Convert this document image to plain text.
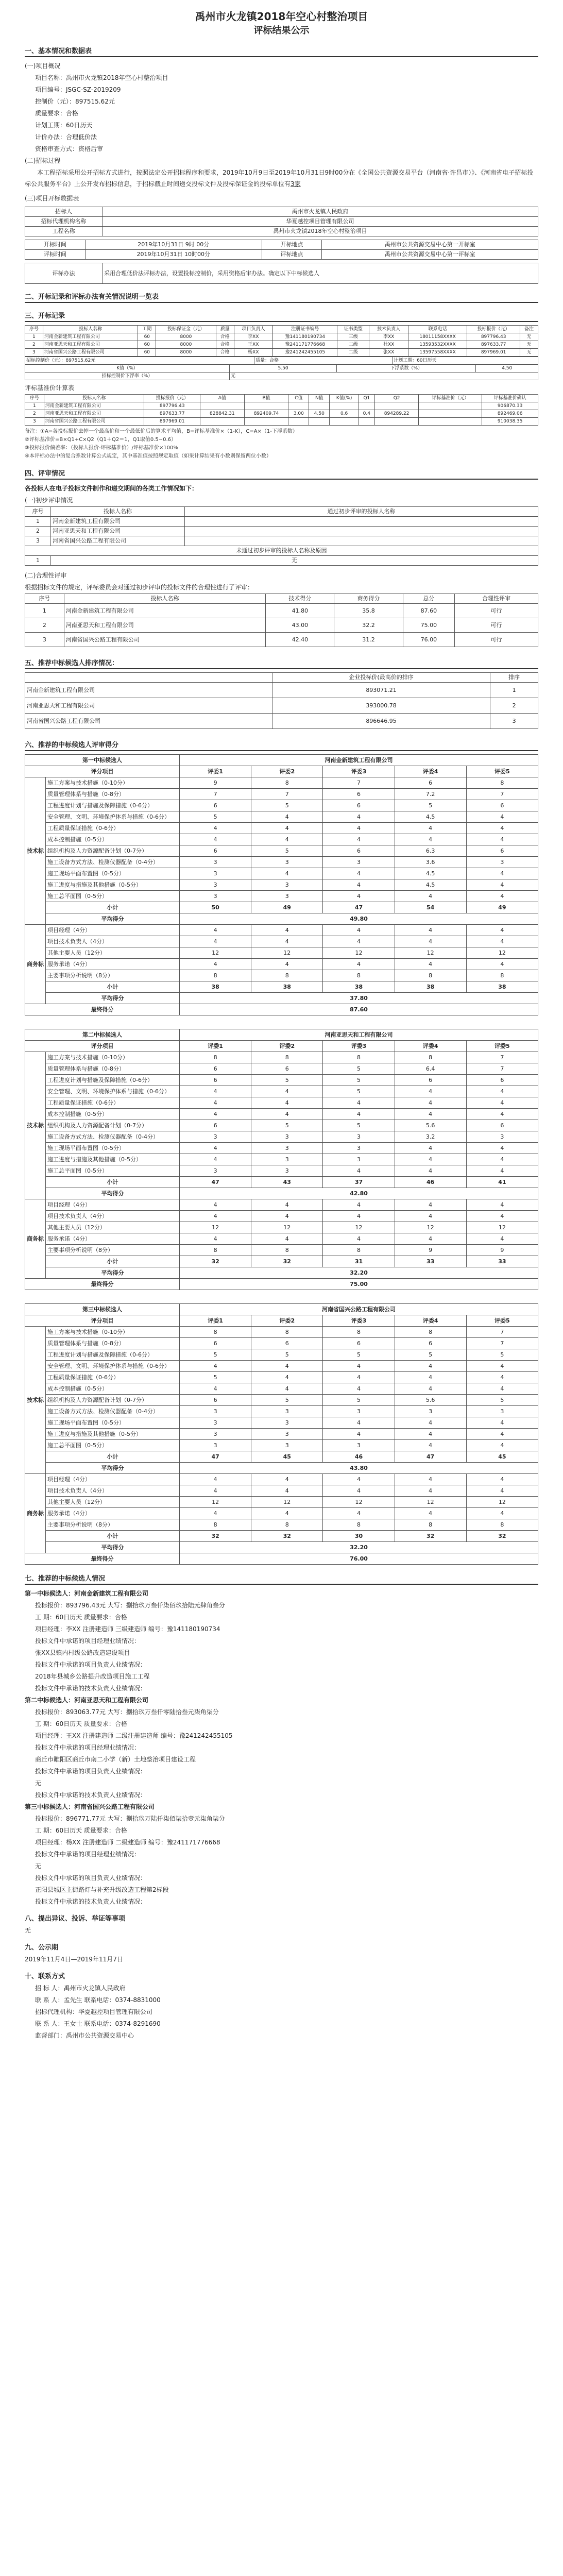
禹州市火龙镇2018年空心村整治项目
评标结果公示
一、基本情况和数据表
(一)项目概况
项目名称：禹州市火龙镇2018年空心村整治项目
项目编号：JSGC-SZ-2019209
控制价（元）：897515.62元
质量要求：合格
计划工期：60日历天
计价办法：合理低价法
资格审查方式：资格后审
(二)招标过程
本工程招标采用公开招标方式进行，按照法定公开招标程序和要求，2019年10月9日至2019年10月31日9时00分在《全国公共资源交易平台（河南省·许昌市）》、《河南省电子招标投标公共服务平台》上公开发布招标信息，于招标截止时间递交投标文件及投标保证金的投标单位有3家
(三)项目开标数据表
招标人	禹州市火龙镇人民政府
招标代理机构名称	华夏越控项目管理有限公司
工程名称	禹州市火龙镇2018年空心村整治项目
开标时间	2019年10月31日 9时 00分	开标地点	禹州市公共资源交易中心第一开标室
评标时间	2019年10月31日 10时00分	评标地点	禹州市公共资源交易中心第一评标室
评标办法	采用合理低价法评标办法，设置投标控制价，采用资格后审办法。确定以下中标候选人
二、开标记录和评标办法有关情况说明一览表
三、开标记录
序号	投标人名称	工期	投标保证金（元）	质量	项目负责人	注册证书编号	证书类型	技术负责人	联系电话	投标报价（元）	备注
1	河南金新建筑工程有限公司	60	8000	合格	李XX	豫141180190734	三级	李XX	18011158XXXX	897796.43	无
2	河南亚思天和工程有限公司	60	8000	合格	王XX	豫241171776668	二级	杜XX	13593532XXXX	897633.77	无
3	河南省国兴公路工程有限公司	60	8000	合格	杨XX	豫241242455105	二级	张XX	13597558XXXX	897969.01	无
招标控制价（元）：897515.62元		质量：合格		计划工期：60日历天	
K值（%）	5.50		下浮系数（%）		4.50
招标控制价下浮率（%）	无				
评标基准价计算表
序号	投标人名称	投标报价（元）	A值	B值	C值	N值	K值(%)	Q1	Q2	评标基准价（元）	评标基准价确认
1	河南金新建筑工程有限公司	897796.43									906870.33
2	河南亚思天和工程有限公司	897633.77	828842.31	892409.74	3.00	4.50	0.6	0.4	894289.22		892469.06
3	河南省国兴公路工程有限公司	897969.01									910038.35
备注：①A=各投标报价去掉一个最高价和一个最低价后的算术平均值，B=评标基准价×（1-K），C=A×（1-下浮系数）
②评标基准价=B×Q1+C×Q2（Q1＋Q2＝1，Q1取值0.5~0.6）
③投标报价偏差率：（投标人报价-评标基准价）/评标基准价×100%
④本评标办法中的复合系数计算公式规定，其中基准值按照规定取值（如果计算结果有小数则保留两位小数）
四、评审情况
各投标人在电子投标文件制作和递交期间的各类工作情况如下：
(一)初步评审情况
序号	投标人名称	通过初步评审的投标人名称
1	河南金新建筑工程有限公司	
2	河南亚思天和工程有限公司	
3	河南省国兴公路工程有限公司	
未通过初步评审的投标人名称及原因		
1	无	
(二)合理性评审
根据招标文件的规定，评标委员会对通过初步评审的投标文件的合理性进行了评审：
序号	投标人名称	技术得分	商务得分	总分	合理性评审
1	河南金新建筑工程有限公司	41.80	35.8	87.60	可行
2	河南亚思天和工程有限公司	43.00	32.2	75.00	可行
3	河南省国兴公路工程有限公司	42.40	31.2	76.00	可行
五、推荐中标候选人排序情况：
	企业投标价(最高价的排序	排序
河南金新建筑工程有限公司	893071.21	1
河南亚思天和工程有限公司	393000.78	2
河南省国兴公路工程有限公司	896646.95	3
六、推荐的中标候选人评审得分
第一中标候选人		河南金新建筑工程有限公司				
评分项目		评委1	评委2	评委3	评委4	评委5
技术标	施工方案与技术措施（0-10分）	9	8	7	6	8
	质量管理体系与措施（0-8分）	7	7	6	7.2	7
	工程进度计划与措施及保障措施（0-6分）	6	5	6	5	6
	安全管理、文明、环境保护体系与措施（0-6分）	5	4	4	4.5	4
	工程质量保证措施（0-6分）	4	4	4	4	4
	成本控制措施（0-5分）	4	4	4	4	4
	组织机构及人力资源配备计划（0-7分）	6	5	6	6.3	6
	施工设备方式方法、检测仪器配备（0-4分）	3	3	3	3.6	3
	施工现场平面布置图（0-5分）	3	4	4	4.5	4
	施工进度与措施及其他措施（0-5分）	3	3	4	4.5	4
	施工总平面图（0-5分）	3	3	4	4	4
	小计	50	49	47	54	49
	平均得分	49.80				
商务标	项目经理（4分）	4	4	4	4	4
	项目技术负责人（4分）	4	4	4	4	4
	其他主要人员（12分）	12	12	12	12	12
	服务承诺（4分）	4	4	4	4	4
	主要事项分析说明（8分）	8	8	8	8	8
	小计	38	38	38	38	38
	平均得分	37.80				
最终得分		87.60				
第二中标候选人		河南亚思天和工程有限公司				
评分项目		评委1	评委2	评委3	评委4	评委5
技术标	施工方案与技术措施（0-10分）	8	8	8	8	7
	质量管理体系与措施（0-8分）	6	6	5	6.4	7
	工程进度计划与措施及保障措施（0-6分）	6	5	5	6	6
	安全管理、文明、环境保护体系与措施（0-6分）	4	4	5	4	4
	工程质量保证措施（0-6分）	4	4	4	4	4
	成本控制措施（0-5分）	4	4	4	4	4
	组织机构及人力资源配备计划（0-7分）	6	5	5	5.6	6
	施工设备方式方法、检测仪器配备（0-4分）	3	3	3	3.2	3
	施工现场平面布置图（0-5分）	4	3	3	4	4
	施工进度与措施及其他措施（0-5分）	4	3	3	4	4
	施工总平面图（0-5分）	3	3	4	4	4
	小计	47	43	37	46	41
	平均得分	42.80				
商务标	项目经理（4分）	4	4	4	4	4
	项目技术负责人（4分）	4	4	4	4	4
	其他主要人员（12分）	12	12	12	12	12
	服务承诺（4分）	4	4	4	4	4
	主要事项分析说明（8分）	8	8	8	9	9
	小计	32	32	31	33	33
	平均得分	32.20				
最终得分		75.00				
第三中标候选人		河南省国兴公路工程有限公司				
评分项目		评委1	评委2	评委3	评委4	评委5
技术标	施工方案与技术措施（0-10分）	8	8	8	8	7
	质量管理体系与措施（0-8分）	6	6	6	6	7
	工程进度计划与措施及保障措施（0-6分）	5	5	5	5	5
	安全管理、文明、环境保护体系与措施（0-6分）	4	4	4	4	4
	工程质量保证措施（0-6分）	5	4	4	4	4
	成本控制措施（0-5分）	4	4	4	4	4
	组织机构及人力资源配备计划（0-7分）	6	5	5	5.6	5
	施工设备方式方法、检测仪器配备（0-4分）	3	3	3	3	3
	施工现场平面布置图（0-5分）	3	3	4	4	4
	施工进度与措施及其他措施（0-5分）	3	3	4	4	4
	施工总平面图（0-5分）	3	3	3	4	4
	小计	47	45	46	47	45
	平均得分	43.80				
商务标	项目经理（4分）	4	4	4	4	4
	项目技术负责人（4分）	4	4	4	4	4
	其他主要人员（12分）	12	12	12	12	12
	服务承诺（4分）	4	4	4	4	4
	主要事项分析说明（8分）	8	8	8	8	8
	小计	32	32	30	32	32
	平均得分	32.20				
最终得分		76.00				
七、推荐的中标候选人情况
第一中标候选人：河南金新建筑工程有限公司
投标报价：893796.43元 大写：捌拾玖万叁仟柒佰玖拾陆元肆角叁分
工 期：60日历天 质量要求：合格
项目经理：李XX 注册建造师 三级建造师 编号：豫141180190734
投标文件中承诺的项目经理业绩情况：
张XX县镇内村级公路改造建设项目
投标文件中承诺的项目负责人业绩情况：
2018年县城乡公路提升改造项目施工工程
投标文件中承诺的技术负责人业绩情况：
第二中标候选人：河南亚思天和工程有限公司
投标报价：893063.77元 大写：捌拾玖万叁仟零陆拾叁元柒角柒分
工 期：60日历天 质量要求：合格
项目经理：王XX 注册建造师 二级注册建造师 编号：豫241242455105
投标文件中承诺的项目经理业绩情况：
商丘市睢阳区商丘市南二小学（新）土地整治项目建设工程
投标文件中承诺的项目负责人业绩情况：
无
投标文件中承诺的技术负责人业绩情况：
第三中标候选人：河南省国兴公路工程有限公司
投标报价：896771.77元 大写：捌拾玖万陆仟柒佰柒拾壹元柒角柒分
工 期：60日历天 质量要求：合格
项目经理：杨XX 注册建造师 二级建造师 编号：豫241171776668
投标文件中承诺的项目经理业绩情况：
无
投标文件中承诺的项目负责人业绩情况：
正阳县城区主街路灯与补充升级改造工程第2标段
投标文件中承诺的技术负责人业绩情况：
八、提出异议、投诉、举证等事项
无
九、公示期
2019年11月4日—2019年11月7日
十、联系方式
招 标 人：禹州市火龙镇人民政府
联 系 人：孟先生 联系电话：0374-8831000
招标代理机构：华夏越控项目管理有限公司
联 系 人：王女士 联系电话：0374-8291690
监督部门：禹州市公共资源交易中心
